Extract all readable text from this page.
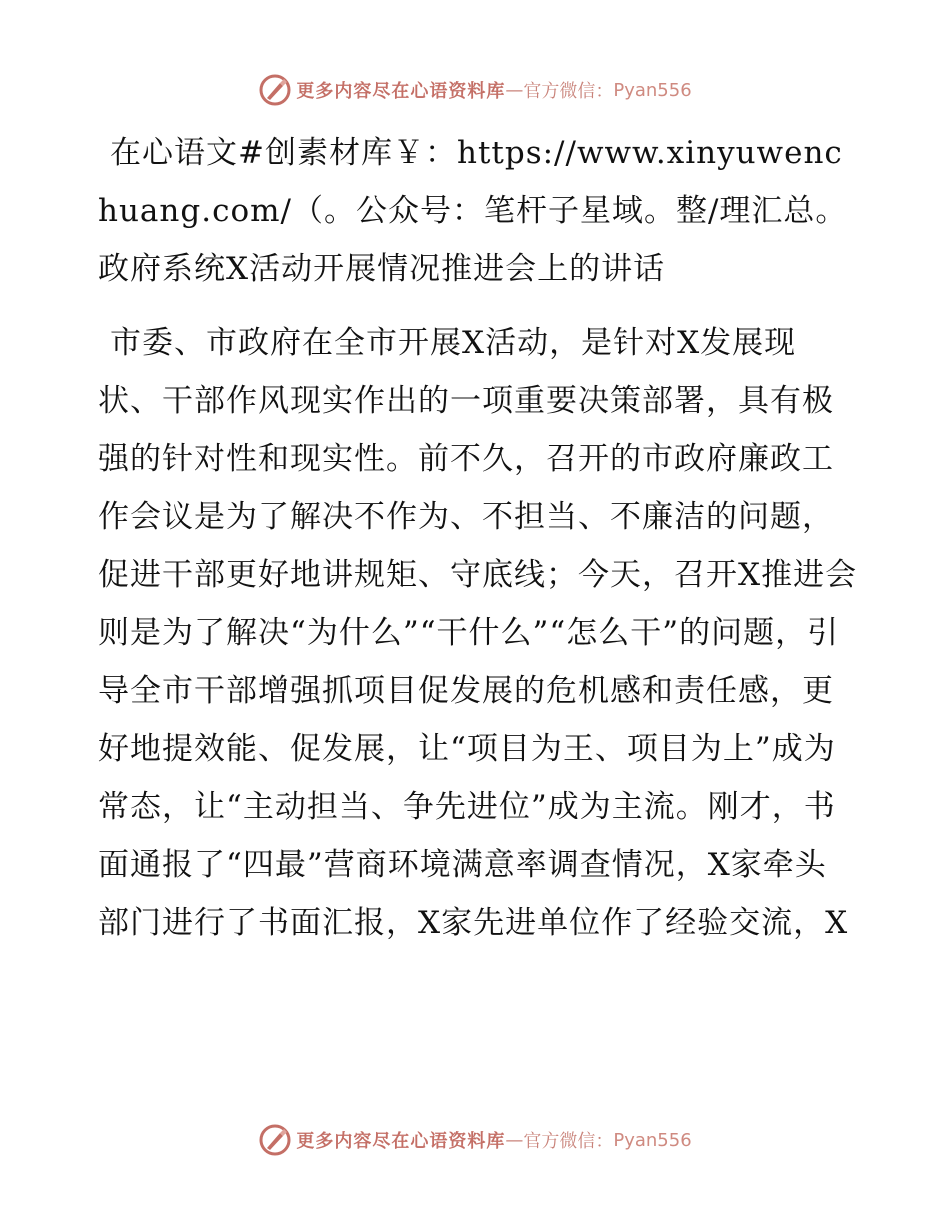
更多内容尽在心语资料库 — 官方微信： Pyan556

在心语文#创素材库￥：https://www.xinyuwenchuang.com/（。公众号：笔杆子星域。整/理汇总。政府系统X活动开展情况推进会上的讲话

市委、市政府在全市开展X活动，是针对X发展现状、干部作风现实作出的一项重要决策部署，具有极强的针对性和现实性。前不久，召开的市政府廉政工作会议是为了解决不作为、不担当、不廉洁的问题，促进干部更好地讲规矩、守底线；今天，召开X推进会则是为了解决“为什么”“干什么”“怎么干”的问题，引导全市干部增强抓项目促发展的危机感和责任感，更好地提效能、促发展，让“项目为王、项目为上”成为常态，让“主动担当、争先进位”成为主流。刚才，书面通报了“四最”营商环境满意率调查情况，X家牵头部门进行了书面汇报，X家先进单位作了经验交流，X

更多内容尽在心语资料库 — 官方微信： Pyan556
